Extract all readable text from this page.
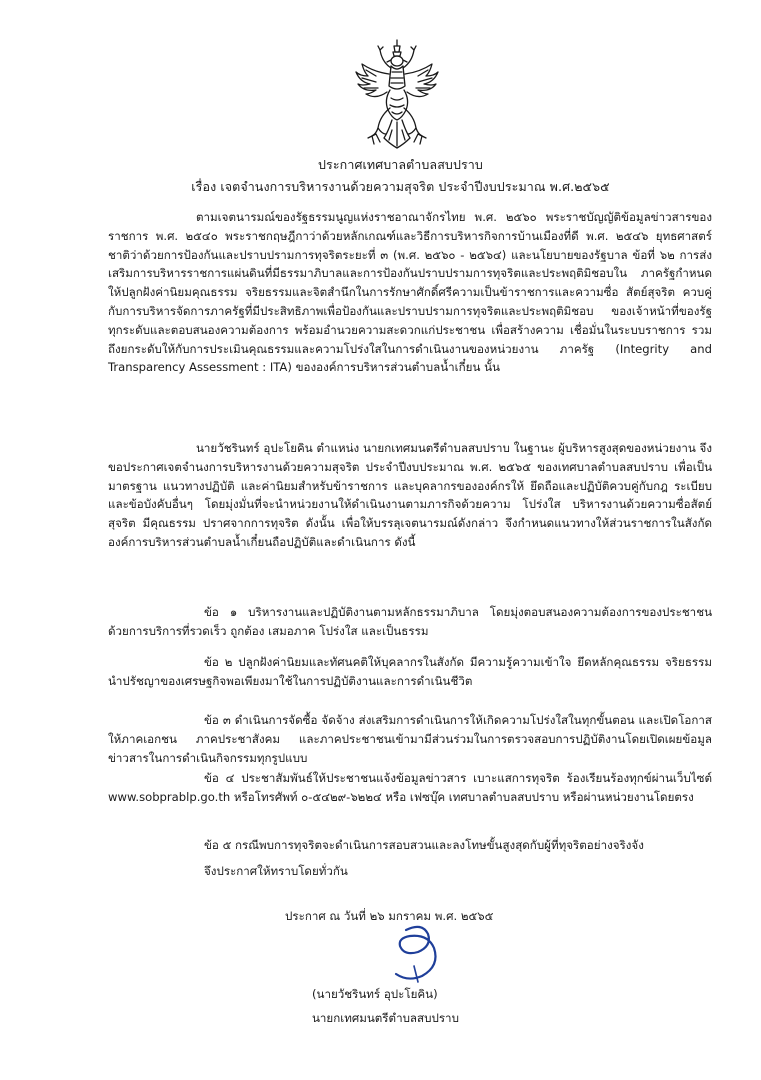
ประกาศเทศบาลตำบลสบปราบ
เรื่อง เจตจำนงการบริหารงานด้วยความสุจริต ประจำปีงบประมาณ พ.ศ.๒๕๖๕

ตามเจตนารมณ์ของรัฐธรรมนูญแห่งราชอาณาจักรไทย พ.ศ. ๒๕๖๐ พระราชบัญญัติข้อมูลข่าวสารของ ราชการ พ.ศ. ๒๕๔๐ พระราชกฤษฎีกาว่าด้วยหลักเกณฑ์และวิธีการบริหารกิจการบ้านเมืองที่ดี พ.ศ. ๒๕๔๖ ยุทธศาสตร์ ชาติว่าด้วยการป้องกันและปราบปรามการทุจริตระยะที่ ๓ (พ.ศ. ๒๕๖๐ - ๒๕๖๔) และนโยบายของรัฐบาล ข้อที่ ๖๒ การส่งเสริมการบริหารราชการแผ่นดินที่มีธรรมาภิบาลและการป้องกันปราบปรามการทุจริตและประพฤติมิชอบใน ภาครัฐกำหนดให้ปลูกฝังค่านิยมคุณธรรม จริยธรรมและจิตสำนึกในการรักษาศักดิ์ศรีความเป็นข้าราชการและความซื่อ สัตย์สุจริต ควบคู่กับการบริหารจัดการภาครัฐที่มีประสิทธิภาพเพื่อป้องกันและปราบปรามการทุจริตและประพฤติมิชอบ ของเจ้าหน้าที่ของรัฐทุกระดับและตอบสนองความต้องการ พร้อมอำนวยความสะดวกแก่ประชาชน เพื่อสร้างความ เชื่อมั่นในระบบราชการ รวมถึงยกระดับให้กับการประเมินคุณธรรมและความโปร่งใสในการดำเนินงานของหน่วยงาน ภาครัฐ (Integrity and Transparency Assessment : ITA) ขององค์การบริหารส่วนตำบลน้ำเกี๋ยน นั้น

นายวัชรินทร์ อุปะโยคิน ตำแหน่ง นายกเทศมนตรีตำบลสบปราบ ในฐานะ ผู้บริหารสูงสุดของหน่วยงาน จึงขอประกาศเจตจำนงการบริหารงานด้วยความสุจริต ประจำปีงบประมาณ พ.ศ. ๒๕๖๕ ของเทศบาลตำบลสบปราบ เพื่อเป็นมาตรฐาน แนวทางปฏิบัติ และค่านิยมสำหรับข้าราชการ และบุคลากรขององค์กรให้ ยึดถือและปฏิบัติควบคู่กับกฎ ระเบียบและข้อบังคับอื่นๆ โดยมุ่งมั่นที่จะนำหน่วยงานให้ดำเนินงานตามภารกิจด้วยความ โปร่งใส บริหารงานด้วยความซื่อสัตย์สุจริต มีคุณธรรม ปราศจากการทุจริต ดังนั้น เพื่อให้บรรลุเจตนารมณ์ดังกล่าว จึงกำหนดแนวทางให้ส่วนราชการในสังกัดองค์การบริหารส่วนตำบลน้ำเกี๋ยนถือปฏิบัติและดำเนินการ ดังนี้

ข้อ ๑ บริหารงานและปฏิบัติงานตามหลักธรรมาภิบาล โดยมุ่งตอบสนองความต้องการของประชาชน ด้วยการบริการที่รวดเร็ว ถูกต้อง เสมอภาค โปร่งใส และเป็นธรรม

ข้อ ๒ ปลูกฝังค่านิยมและทัศนคติให้บุคลากรในสังกัด มีความรู้ความเข้าใจ ยึดหลักคุณธรรม จริยธรรม นำปรัชญาของเศรษฐกิจพอเพียงมาใช้ในการปฏิบัติงานและการดำเนินชีวิต

ข้อ ๓ ดำเนินการจัดซื้อ จัดจ้าง ส่งเสริมการดำเนินการให้เกิดความโปร่งใสในทุกขั้นตอน และเปิดโอกาส ให้ภาคเอกชน ภาคประชาสังคม และภาคประชาชนเข้ามามีส่วนร่วมในการตรวจสอบการปฏิบัติงานโดยเปิดเผยข้อมูล ข่าวสารในการดำเนินกิจกรรมทุกรูปแบบ

ข้อ ๔ ประชาสัมพันธ์ให้ประชาชนแจ้งข้อมูลข่าวสาร เบาะแสการทุจริต ร้องเรียนร้องทุกข์ผ่านเว็บไซต์ www.sobprablp.go.th หรือโทรศัพท์ ๐-๕๔๒๙-๖๒๒๔ หรือ เฟซบุ๊ค เทศบาลตำบลสบปราบ หรือผ่านหน่วยงานโดยตรง

ข้อ ๕ กรณีพบการทุจริตจะดำเนินการสอบสวนและลงโทษขั้นสูงสุดกับผู้ที่ทุจริตอย่างจริงจัง

จึงประกาศให้ทราบโดยทั่วกัน

ประกาศ ณ วันที่ ๒๖ มกราคม พ.ศ. ๒๕๖๕
(นายวัชรินทร์ อุปะโยคิน)
นายกเทศมนตรีตำบลสบปราบ
